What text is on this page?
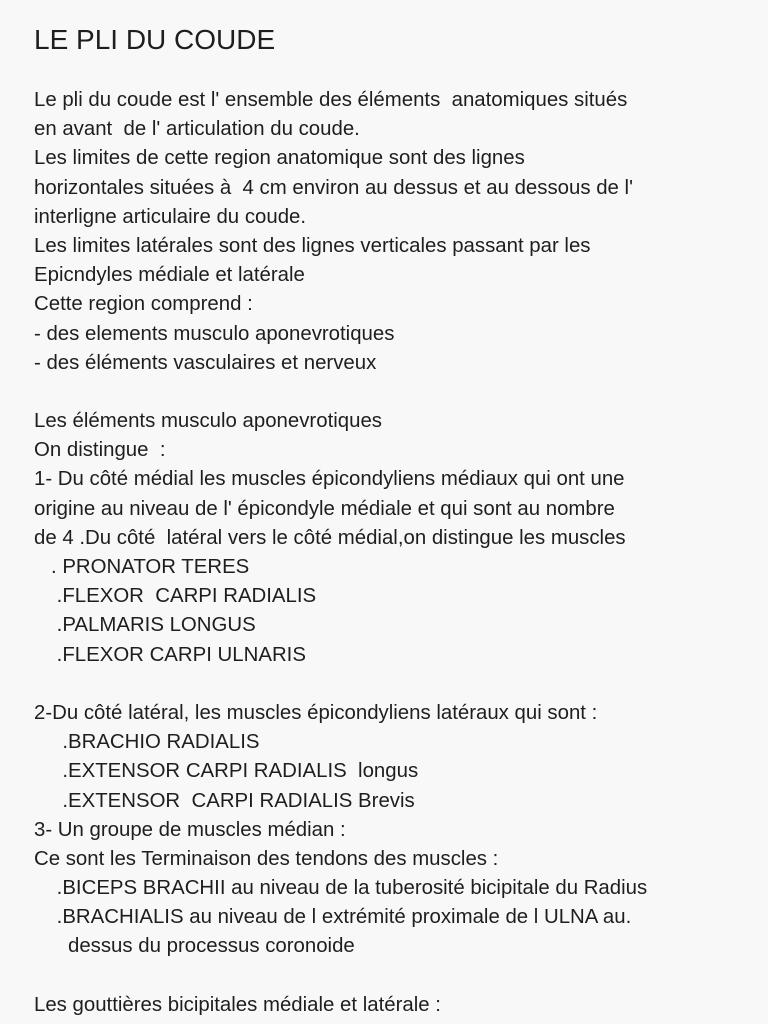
LE PLI DU COUDE
Le pli du coude est l' ensemble des éléments  anatomiques situés
en avant  de l' articulation du coude.
Les limites de cette region anatomique sont des lignes
horizontales situées à  4 cm environ au dessus et au dessous de l'
interligne articulaire du coude.
Les limites latérales sont des lignes verticales passant par les
Epicndyles médiale et latérale
Cette region comprend :
- des elements musculo aponevrotiques
- des éléments vasculaires et nerveux
Les éléments musculo aponevrotiques
On distingue  :
1- Du côté médial les muscles épicondyliens médiaux qui ont une
origine au niveau de l' épicondyle médiale et qui sont au nombre
de 4 .Du côté  latéral vers le côté médial,on distingue les muscles
. PRONATOR TERES
.FLEXOR  CARPI RADIALIS
.PALMARIS LONGUS
.FLEXOR CARPI ULNARIS
2-Du côté latéral, les muscles épicondyliens latéraux qui sont :
.BRACHIO RADIALIS
.EXTENSOR CARPI RADIALIS  longus
.EXTENSOR  CARPI RADIALIS Brevis
3- Un groupe de muscles médian :
Ce sont les Terminaison des tendons des muscles :
.BICEPS BRACHII au niveau de la tuberosité bicipitale du Radius
.BRACHIALIS au niveau de l extrémité proximale de l ULNA au.
dessus du processus coronoide
Les gouttières bicipitales médiale et latérale :
